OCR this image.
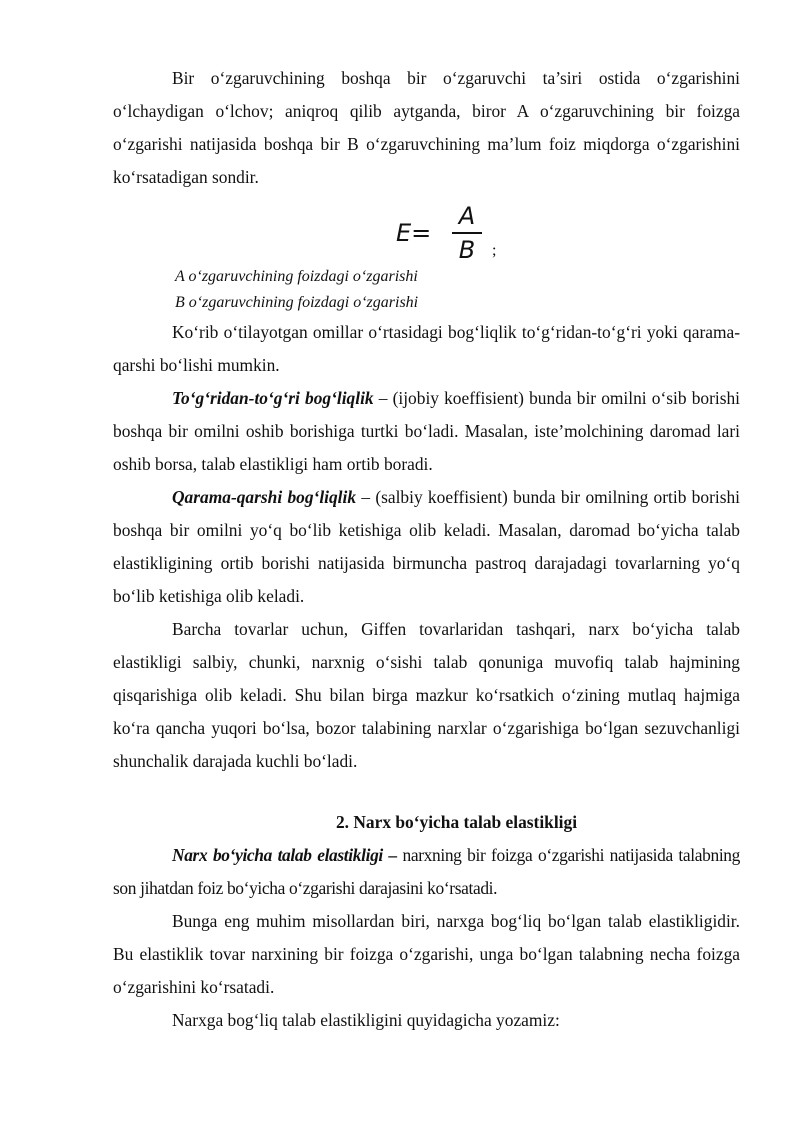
Bir o‘zgaruvchining boshqa bir o‘zgaruvchi ta’siri ostida o‘zgarishini o‘lchaydigan o‘lchov; aniqroq qilib aytganda, biror A o‘zgaruvchining bir foizga o‘zgarishi natijasida boshqa bir B o‘zgaruvchining ma’lum foiz miqdorga o‘zgarishini ko‘rsatadigan sondir.

E=
A
B	;

A o‘zgaruvchining foizdagi o‘zgarishi

B o‘zgaruvchining foizdagi o‘zgarishi

Ko‘rib o‘tilayotgan omillar o‘rtasidagi bog‘liqlik to‘g‘ridan-to‘g‘ri yoki qarama-qarshi bo‘lishi mumkin.

To‘g‘ridan-to‘g‘ri bog‘liqlik – (ijobiy koeffisient) bunda bir omilni o‘sib borishi boshqa bir omilni oshib borishiga turtki bo‘ladi. Masalan, iste’molchining daromad lari oshib borsa, talab elastikligi ham ortib boradi.

Qarama-qarshi bog‘liqlik – (salbiy koeffisient) bunda bir omilning ortib borishi boshqa bir omilni yo‘q bo‘lib ketishiga olib keladi. Masalan, daromad bo‘yicha talab elastikligining ortib borishi natijasida birmuncha pastroq darajadagi tovarlarning yo‘q bo‘lib ketishiga olib keladi.

Barcha tovarlar uchun, Giffen tovarlaridan tashqari, narx bo‘yicha talab elastikligi salbiy, chunki, narxnig o‘sishi talab qonuniga muvofiq talab hajmining qisqarishiga olib keladi. Shu bilan birga mazkur ko‘rsatkich o‘zining mutlaq hajmiga ko‘ra qancha yuqori bo‘lsa, bozor talabining narxlar o‘zgarishiga bo‘lgan sezuvchanligi shunchalik darajada kuchli bo‘ladi.

2. Narx bo‘yicha talab elastikligi

Narx bo‘yicha talab elastikligi – narxning bir foizga o‘zgarishi natijasida talabning son jihatdan foiz bo‘yicha o‘zgarishi darajasini ko‘rsatadi.

Bunga eng muhim misollardan biri, narxga bog‘liq bo‘lgan talab elastikligidir. Bu elastiklik tovar narxining bir foizga o‘zgarishi, unga bo‘lgan talabning necha foizga o‘zgarishini ko‘rsatadi.

Narxga bog‘liq talab elastikligini quyidagicha yozamiz:
